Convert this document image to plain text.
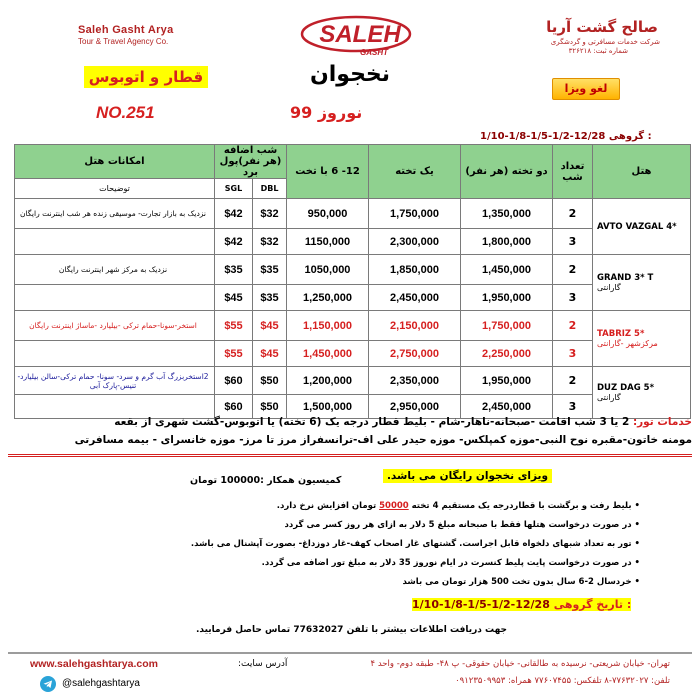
Saleh Gasht Arya
Tour & Travel Agency Co.	SALEH
GASHT
صالح گشت آریا
شرکت خدمات مسافرتی و گردشگری
شماره ثبت: ۳۲۶۲۱۸
قطار و اتوبوس	نخجوان
لغو ویزا
NO.251	نوروز 99
1/10-1/8-1/5-1/2-12/28 گروهی :
هتل	تعداد شب	دو تخته (هر نفر)	یک تخته	12- 6 با تخت	شب اضافه (هر نفر)پول برد		امکانات هتل
					DBL	SGL	توضیحات
AVTO VAZGAL 4*	2	1,350,000	1,750,000	950,000	$32	$42	نزدیک به بازار تجارت- موسیقی زنده هر شب اینترنت رایگان
	3	1,800,000	2,300,000	1150,000	$32	$42	
GRAND 3* T
گارانتی	2	1,450,000	1,850,000	1050,000	$35	$35	نزدیک به مرکز شهر اینترنت رایگان
	3	1,950,000	2,450,000	1,250,000	$35	$45	
TABRIZ 5*
مرکزشهر -گارانتی	2	1,750,000	2,150,000	1,150,000	$45	$55	استخر-سونا-حمام ترکی -بیلیارد -ماساژ اینترنت رایگان
	3	2,250,000	2,750,000	1,450,000	$45	$55	
DUZ DAG 5*
گارانتی	2	1,950,000	2,350,000	1,200,000	$50	$60	2استخربزرگ آب گرم و سرد- سونا- حمام ترکی-سالن بیلیارد-تنیس-پارک آبی
	3	2,450,000	2,950,000	1,500,000	$50	$60	
خدمات تور: 2 یا 3 شب اقامت -صبحانه-ناهار-شام - بلیط قطار درجه یک (6 تخته) یا اتوبوس-گشت شهری از بقعه
مومنه خاتون-مقبره نوح النبی-موزه کمپلکس- موزه حیدر علی اف-ترانسفراز مرز تا مرز- موزه خانسرای - بیمه مسافرتی
ویزای نخجوان رایگان می باشد.
کمیسیون همکار :100000 تومان
• بلیط رفت و برگشت با قطاردرجه یک مستقیم 4 تخته 50000 تومان افزایش نرخ دارد.
• در صورت درخواست هتلها فقط با صبحانه مبلغ 5 دلار به ازای هر روز کسر می گردد
• تور به تعداد شبهای دلخواه قابل اجراست. گشتهای غار اصحاب کهف-غار دوزداغ- بصورت آپشنال می باشد.
• در صورت درخواست پایت پلیط کنسرت در ایام نوروز 35 دلار به مبلغ تور اضافه می گردد.
• خردسال 2-6 سال بدون تخت 500 هزار تومان می باشد
1/10-1/8-1/5-1/2-12/28 تاریخ گروهی :
جهت دریافت اطلاعات بیشتر با تلفن 77632027 تماس حاصل فرمایید.
www.salehgashtarya.com	آدرس سایت:	تهران- خیابان شریعتی- نرسیده به طالقانی- خیابان حقوقی- پ ۴۸- طبقه دوم- واحد ۴
@salehgashtarya	تلفن: ۷۷۶۳۲۰۲۷-۸ تلفکس: ۷۷۶۰۷۴۵۵ همراه: ۰۹۱۲۳۵۰۹۹۵۳
